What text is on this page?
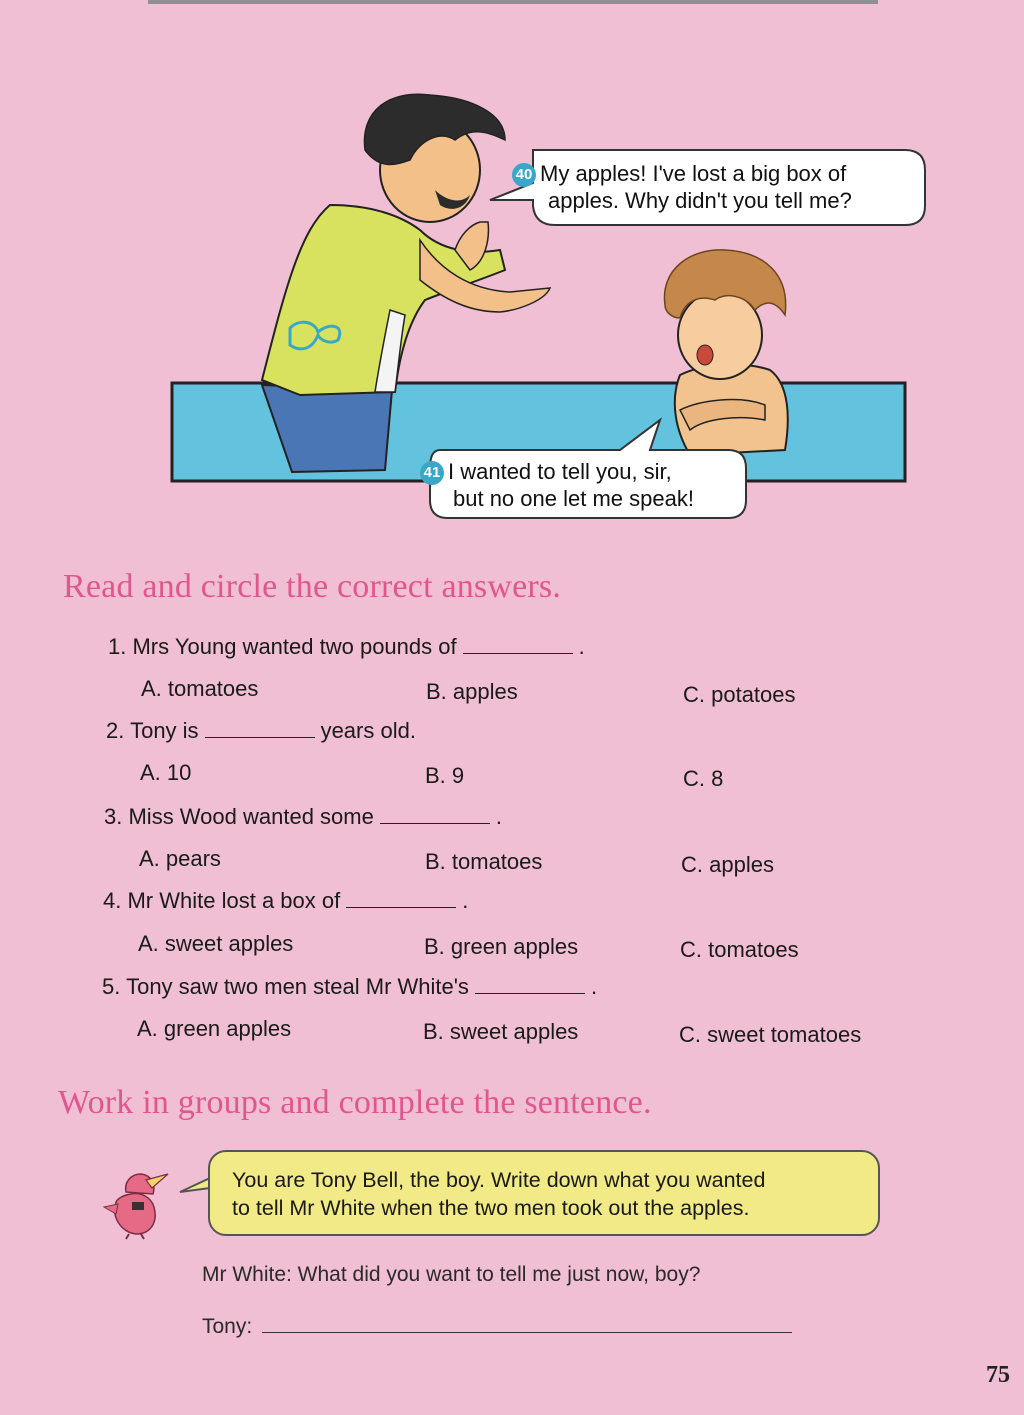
40 My apples! I've lost a big box of
apples. Why didn't you tell me?
41 I wanted to tell you, sir,
but no one let me speak!
Read and circle the correct answers.
1. Mrs Young wanted two pounds of	.
A. tomatoes	B. apples	C. potatoes
2. Tony is	years old.
A. 10	B. 9	C. 8
3. Miss Wood wanted some	.
A. pears	B. tomatoes	C. apples
4. Mr White lost a box of	.
A. sweet apples	B. green apples	C. tomatoes
5. Tony saw two men steal Mr White's	.
A. green apples	B. sweet apples	C. sweet tomatoes
Work in groups and complete the sentence.
You are Tony Bell, the boy. Write down what you wanted
to tell Mr White when the two men took out the apples.
Mr White: What did you want to tell me just now, boy?
Tony:
75
